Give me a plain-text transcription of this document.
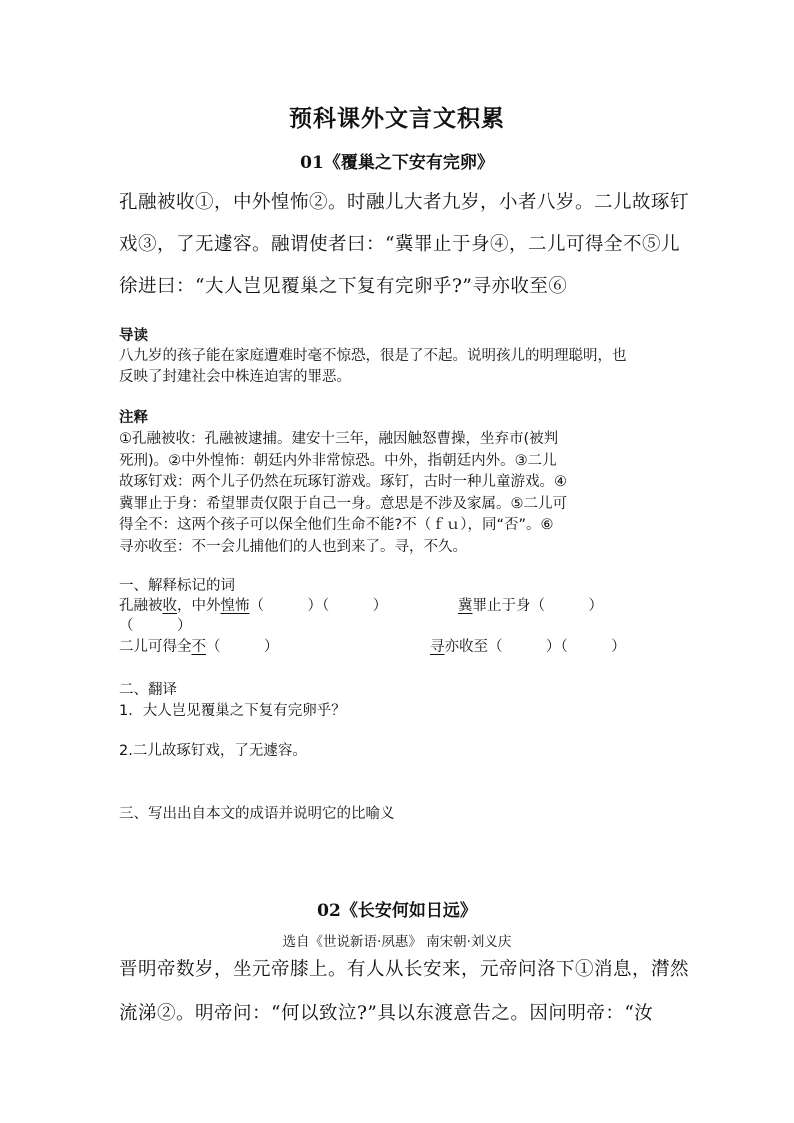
预科课外文言文积累
01《覆巢之下安有完卵》
孔融被收①，中外惶怖②。时融儿大者九岁，小者八岁。二儿故琢钉
戏③，了无遽容。融谓使者曰：“冀罪止于身④，二儿可得全不⑤儿
徐进曰：“大人岂见覆巢之下复有完卵乎?”寻亦收至⑥
导读
八九岁的孩子能在家庭遭难时毫不惊恐，很是了不起。说明孩儿的明理聪明，也
反映了封建社会中株连迫害的罪恶。
注释
①孔融被收：孔融被逮捕。建安十三年，融因触怒曹操，坐弃市(被判
死刑)。②中外惶怖：朝廷内外非常惊恐。中外，指朝廷内外。③二儿
故琢钉戏：两个儿子仍然在玩琢钉游戏。琢钉，古时一种儿童游戏。④
冀罪止于身：希望罪责仅限于自己一身。意思是不涉及家属。⑤二儿可
得全不：这两个孩子可以保全他们生命不能?不（ｆｕ），同“否”。⑥
寻亦收至：不一会儿捕他们的人也到来了。寻，不久。
一、解释标记的词
孔融被收，中外惶怖（　　　）（　　　）	冀罪止于身（　　　）
（　　　）
二儿可得全不（　　　）	寻亦收至（　　　）（　　　）
二、翻译
1．大人岂见覆巢之下复有完卵乎？
2.二儿故琢钉戏，了无遽容。
三、写出出自本文的成语并说明它的比喻义
02《长安何如日远》
选自《世说新语·夙惠》 南宋朝·刘义庆
晋明帝数岁，坐元帝膝上。有人从长安来，元帝问洛下①消息，潸然
流涕②。明帝问：“何以致泣?”具以东渡意告之。因问明帝：“汝
